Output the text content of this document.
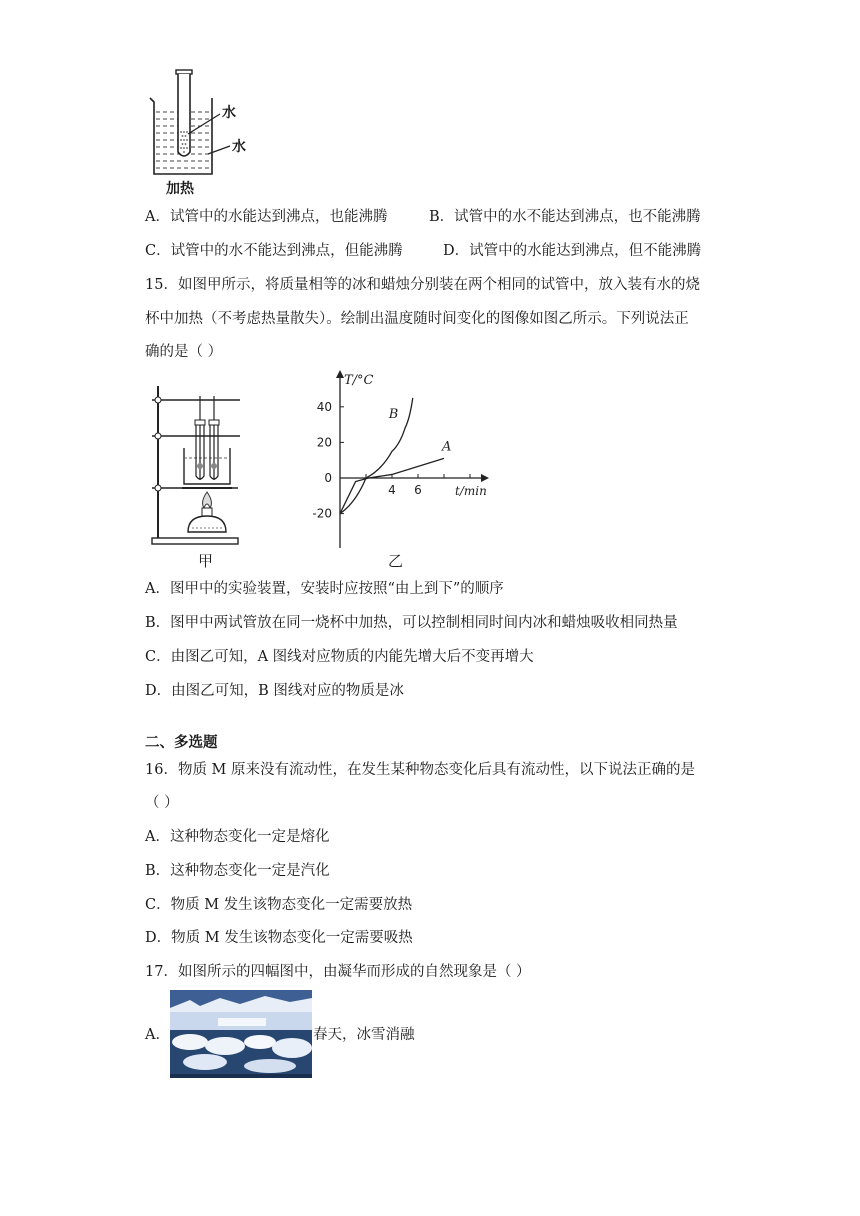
水
水
加热
A．试管中的水能达到沸点，也能沸腾	B．试管中的水不能达到沸点，也不能沸腾
C．试管中的水不能达到沸点，但能沸腾	D．试管中的水能达到沸点，但不能沸腾
15．如图甲所示，将质量相等的冰和蜡烛分别装在两个相同的试管中，放入装有水的烧
杯中加热（不考虑热量散失）。绘制出温度随时间变化的图像如图乙所示。下列说法正
确的是（ ）
甲
40
20
0
-20
4 6
T/°C
t/min
A
B
乙
A．图甲中的实验装置，安装时应按照“由上到下”的顺序
B．图甲中两试管放在同一烧杯中加热，可以控制相同时间内冰和蜡烛吸收相同热量
C．由图乙可知，A 图线对应物质的内能先增大后不变再增大
D．由图乙可知，B 图线对应的物质是冰
二、多选题
16．物质 M 原来没有流动性，在发生某种物态变化后具有流动性，以下说法正确的是
（ ）
A．这种物态变化一定是熔化
B．这种物态变化一定是汽化
C．物质 M 发生该物态变化一定需要放热
D．物质 M 发生该物态变化一定需要吸热
17．如图所示的四幅图中，由凝华而形成的自然现象是（ ）
A．	春天，冰雪消融
